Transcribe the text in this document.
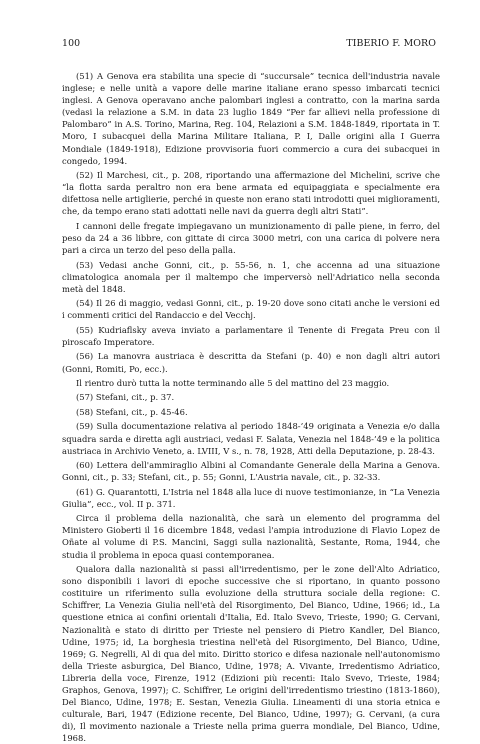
100	TIBERIO F. MORO

(51) A Genova era stabilita una specie di “succursale” tecnica dell'industria navale inglese; e nelle unità a vapore delle marine italiane erano spesso imbarcati tecnici inglesi. A Genova operavano anche palombari inglesi a contratto, con la marina sarda (vedasi la relazione a S.M. in data 23 luglio 1849 “Per far allievi nella professione di Palombaro” in A.S. Torino, Marina, Reg. 104, Relazioni a S.M. 1848-1849, riportata in T. Moro, I subacquei della Marina Militare Italiana, P. I, Dalle origini alla I Guerra Mondiale (1849-1918), Edizione provvisoria fuori commercio a cura dei subacquei in congedo, 1994.

(52) Il Marchesi, cit., p. 208, riportando una affermazione del Michelini, scrive che “la flotta sarda peraltro non era bene armata ed equipaggiata e specialmente era difettosa nelle artiglierie, perché in queste non erano stati introdotti quei miglioramenti, che, da tempo erano stati adottati nelle navi da guerra degli altri Stati”.

I cannoni delle fregate impiegavano un munizionamento di palle piene, in ferro, del peso da 24 a 36 libbre, con gittate di circa 3000 metri, con una carica di polvere nera pari a circa un terzo del peso della palla.

(53) Vedasi anche Gonni, cit., p. 55-56, n. 1, che accenna ad una situazione climatologica anomala per il maltempo che imperversò nell'Adriatico nella seconda metà del 1848.

(54) Il 26 di maggio, vedasi Gonni, cit., p. 19-20 dove sono citati anche le versioni ed i commenti critici del Randaccio e del Vecchj.

(55) Kudriaflsky aveva inviato a parlamentare il Tenente di Fregata Preu con il piroscafo Imperatore.

(56) La manovra austriaca è descritta da Stefani (p. 40) e non dagli altri autori (Gonni, Romiti, Po, ecc.).

Il rientro durò tutta la notte terminando alle 5 del mattino del 23 maggio.

(57) Stefani, cit., p. 37.

(58) Stefani, cit., p. 45-46.

(59) Sulla documentazione relativa al periodo 1848-’49 originata a Venezia e/o dalla squadra sarda e diretta agli austriaci, vedasi F. Salata, Venezia nel 1848-’49 e la politica austriaca in Archivio Veneto, a. LVIII, V s., n. 78, 1928, Atti della Deputazione, p. 28-43.

(60) Lettera dell'ammiraglio Albini al Comandante Generale della Marina a Genova. Gonni, cit., p. 33; Stefani, cit., p. 55; Gonni, L'Austria navale, cit., p. 32-33.

(61) G. Quarantotti, L'Istria nel 1848 alla luce di nuove testimonianze, in “La Venezia Giulia”, ecc., vol. II p. 371.

Circa il problema della nazionalità, che sarà un elemento del programma del Ministero Gioberti il 16 dicembre 1848, vedasi l'ampia introduzione di Flavio Lopez de Oñate al volume di P.S. Mancini, Saggi sulla nazionalità, Sestante, Roma, 1944, che studia il problema in epoca quasi contemporanea.

Qualora dalla nazionalità si passi all'irredentismo, per le zone dell'Alto Adriatico, sono disponibili i lavori di epoche successive che si riportano, in quanto possono costituire un riferimento sulla evoluzione della struttura sociale della regione: C. Schiffrer, La Venezia Giulia nell'età del Risorgimento, Del Bianco, Udine, 1966; id., La questione etnica ai confini orientali d'Italia, Ed. Italo Svevo, Trieste, 1990; G. Cervani, Nazionalità e stato di diritto per Trieste nel pensiero di Pietro Kandler, Del Bianco, Udine, 1975; id, La borghesia triestina nell'età del Risorgimento, Del Bianco, Udine, 1969; G. Negrelli, Al di qua del mito. Diritto storico e difesa nazionale nell'autonomismo della Trieste asburgica, Del Bianco, Udine, 1978; A. Vivante, Irredentismo Adriatico, Libreria della voce, Firenze, 1912 (Edizioni più recenti: Italo Svevo, Trieste, 1984; Graphos, Genova, 1997); C. Schiffrer, Le origini dell'irredentismo triestino (1813-1860), Del Bianco, Udine, 1978; E. Sestan, Venezia Giulia. Lineamenti di una storia etnica e culturale, Bari, 1947 (Edizione recente, Del Bianco, Udine, 1997); G. Cervani, (a cura di), Il movimento nazionale a Trieste nella prima guerra mondiale, Del Bianco, Udine, 1968.
